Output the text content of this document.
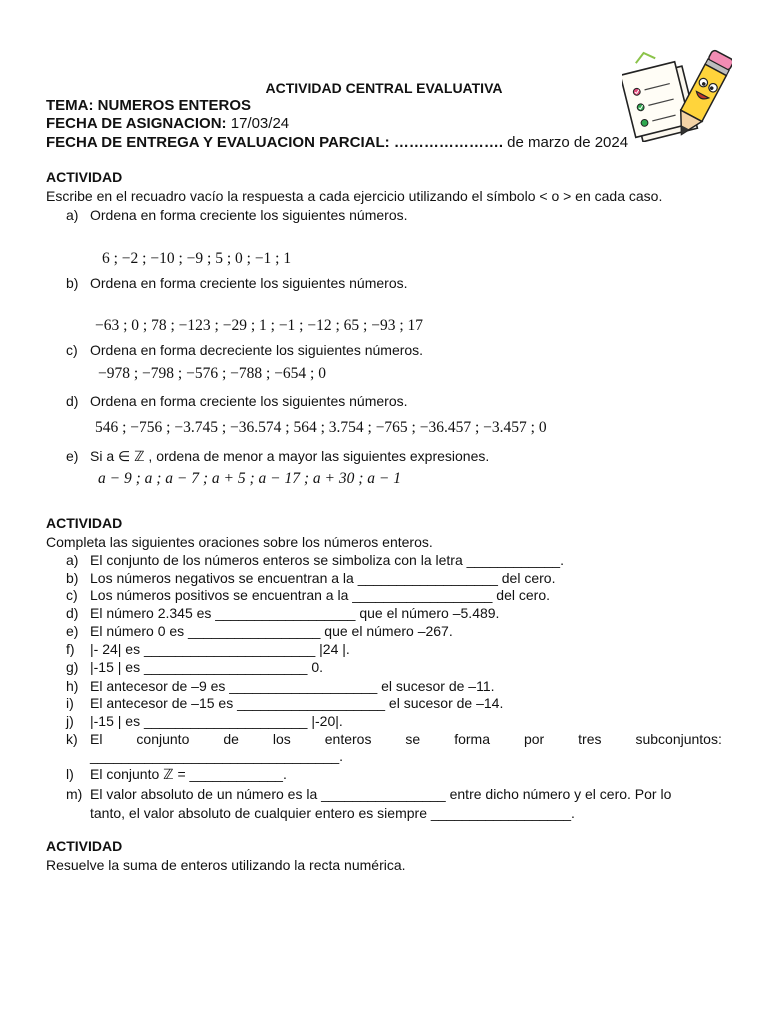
ACTIVIDAD CENTRAL EVALUATIVA
TEMA: NUMEROS ENTEROS
FECHA DE ASIGNACION: 17/03/24
FECHA DE ENTREGA Y EVALUACION PARCIAL: …………………. de marzo de 2024
ACTIVIDAD
Escribe en el recuadro vacío la respuesta a cada ejercicio utilizando el símbolo < o > en cada caso.
a) Ordena en forma creciente los siguientes números.
6 ; −2 ; −10 ; −9 ; 5 ; 0 ; −1 ; 1
b) Ordena en forma creciente los siguientes números.
−63 ; 0 ; 78 ; −123 ; −29 ; 1 ; −1 ; −12 ; 65 ; −93 ; 17
c) Ordena en forma decreciente los siguientes números.
−978 ; −798 ; −576 ; −788 ; −654 ; 0
d) Ordena en forma creciente los siguientes números.
546 ; −756 ; −3.745 ; −36.574 ; 564 ; 3.754 ; −765 ; −36.457 ; −3.457 ; 0
e) Si a ∈ ℤ , ordena de menor a mayor las siguientes expresiones.
a − 9 ; a ; a − 7 ; a + 5 ; a − 17 ; a + 30 ; a − 1
ACTIVIDAD
Completa las siguientes oraciones sobre los números enteros.
a) El conjunto de los números enteros se simboliza con la letra ____________.
b) Los números negativos se encuentran a la __________________ del cero.
c) Los números positivos se encuentran a la __________________ del cero.
d) El número 2.345 es __________________ que el número –5.489.
e) El número 0 es _________________ que el número –267.
f)	|- 24| es ______________________ |24 |.
g) |-15 | es _____________________ 0.
h) El antecesor de –9 es ___________________ el sucesor de –11.
i)	El antecesor de –15 es ___________________ el sucesor de –14.
j)	|-15 | es _____________________ |-20|.
k) El conjunto de los enteros se forma por tres subconjuntos:
________________________________.
l)	El conjunto ℤ = ____________.
m) El valor absoluto de un número es la ________________ entre dicho número y el cero. Por lo
tanto, el valor absoluto de cualquier entero es siempre __________________.
ACTIVIDAD
Resuelve la suma de enteros utilizando la recta numérica.
